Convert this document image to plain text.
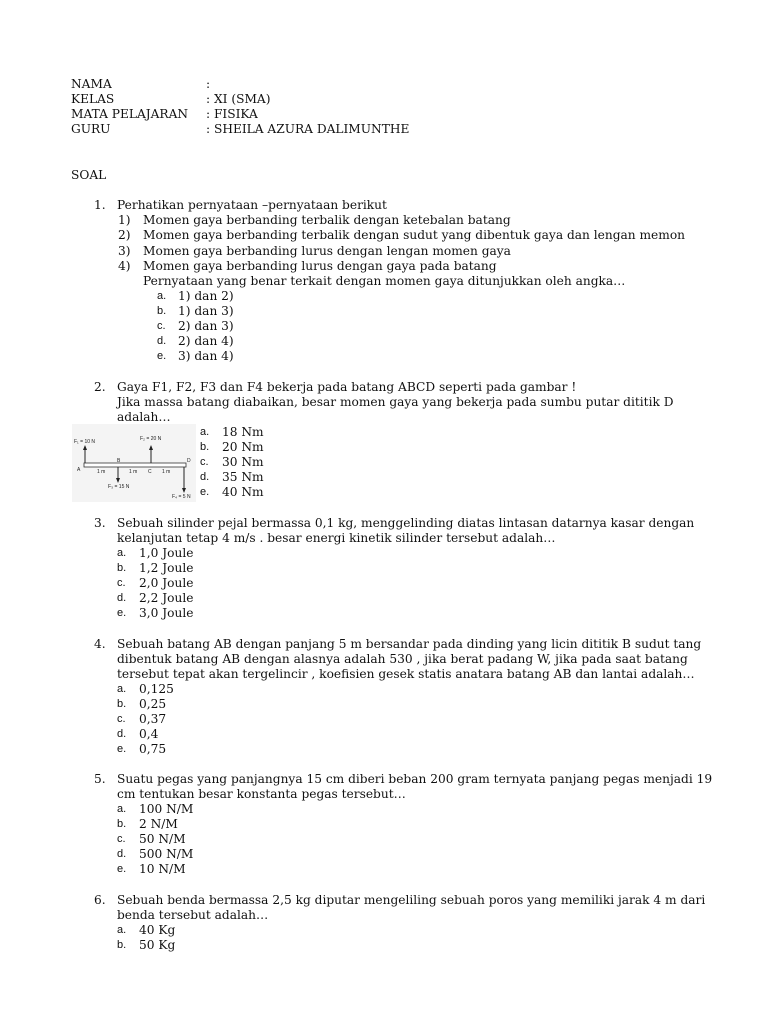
NAMA	:
KELAS	: XI (SMA)
MATA PELAJARAN : FISIKA
GURU	: SHEILA AZURA DALIMUNTHE
SOAL
1. Perhatikan pernyataan –pernyataan berikut
1) Momen gaya berbanding terbalik dengan ketebalan batang
2) Momen gaya berbanding terbalik dengan sudut yang dibentuk gaya dan lengan memon
3) Momen gaya berbanding lurus dengan lengan momen gaya
4) Momen gaya berbanding lurus dengan gaya pada batang
Pernyataan yang benar terkait dengan momen gaya ditunjukkan oleh angka…
a. 1) dan 2)
b. 1) dan 3)
c. 2) dan 3)
d. 2) dan 4)
e. 3) dan 4)
2. Gaya F1, F2, F3 dan F4 bekerja pada batang ABCD seperti pada gambar !
Jika massa batang diabaikan, besar momen gaya yang bekerja pada sumbu putar dititik D
adalah…
F₁ = 10 N	F₂ = 20 N
F₃ = 15 N
F₄ = 5 N
A
B
C
D
1 m	1 m	1 m
a. 18 Nm
b. 20 Nm
c. 30 Nm
d. 35 Nm
e. 40 Nm
3. Sebuah silinder pejal bermassa 0,1 kg, menggelinding diatas lintasan datarnya kasar dengan
kelanjutan tetap 4 m/s . besar energi kinetik silinder tersebut adalah…
a. 1,0 Joule
b. 1,2 Joule
c. 2,0 Joule
d. 2,2 Joule
e. 3,0 Joule
4. Sebuah batang AB dengan panjang 5 m bersandar pada dinding yang licin dititik B sudut tang
dibentuk batang AB dengan alasnya adalah 530 , jika berat padang W, jika pada saat batang
tersebut tepat akan tergelincir , koefisien gesek statis anatara batang AB dan lantai adalah…
a. 0,125
b. 0,25
c. 0,37
d. 0,4
e. 0,75
5. Suatu pegas yang panjangnya 15 cm diberi beban 200 gram ternyata panjang pegas menjadi 19
cm tentukan besar konstanta pegas tersebut…
a. 100 N/M
b. 2 N/M
c. 50 N/M
d. 500 N/M
e. 10 N/M
6. Sebuah benda bermassa 2,5 kg diputar mengeliling sebuah poros yang memiliki jarak 4 m dari
benda tersebut adalah…
a. 40 Kg
b. 50 Kg
